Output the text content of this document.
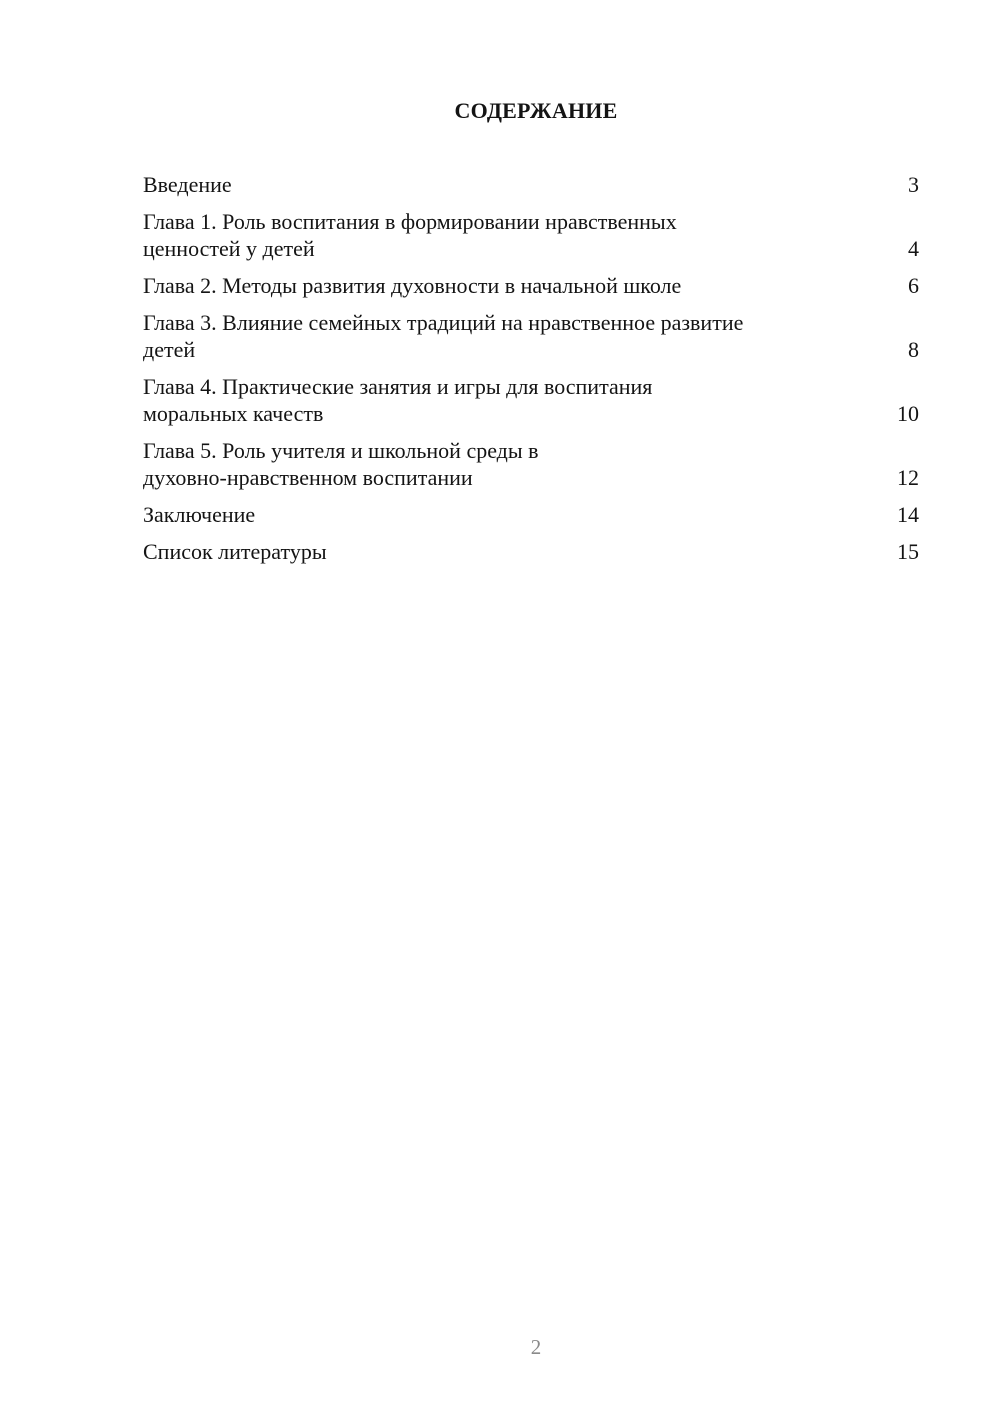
СОДЕРЖАНИЕ
Введение	3
Глава 1. Роль воспитания в формировании нравственных
ценностей у детей	4
Глава 2. Методы развития духовности в начальной школе	6
Глава 3. Влияние семейных традиций на нравственное развитие
детей	8
Глава 4. Практические занятия и игры для воспитания
моральных качеств	10
Глава 5. Роль учителя и школьной среды в
духовно-нравственном воспитании	12
Заключение	14
Список литературы	15
2
